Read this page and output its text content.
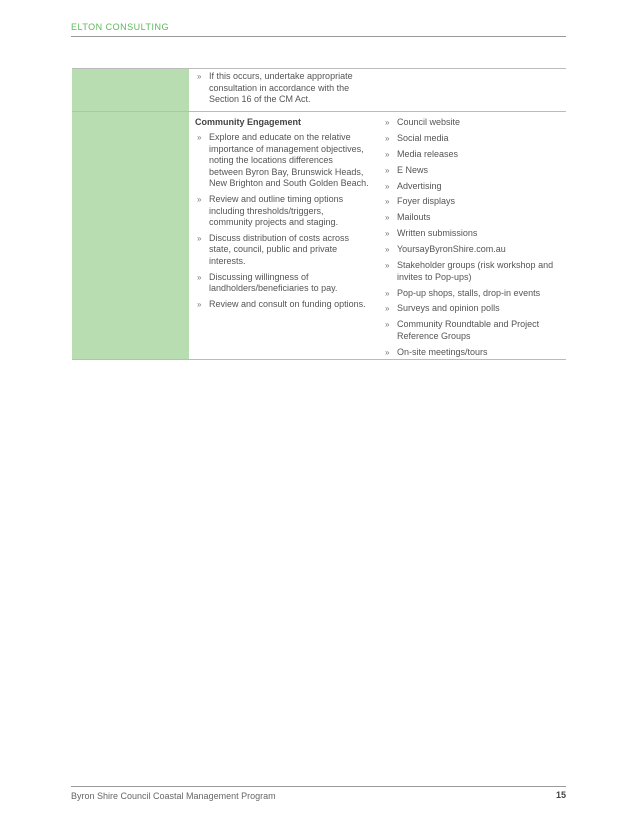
ELTON CONSULTING
» If this occurs, undertake appropriate consultation in accordance with the Section 16 of the CM Act.
Community Engagement
» Explore and educate on the relative importance of management objectives, noting the locations differences between Byron Bay, Brunswick Heads, New Brighton and South Golden Beach.
» Review and outline timing options including thresholds/triggers, community projects and staging.
» Discuss distribution of costs across state, council, public and private interests.
» Discussing willingness of landholders/beneficiaries to pay.
» Review and consult on funding options.
» Council website
» Social media
» Media releases
» E News
» Advertising
» Foyer displays
» Mailouts
» Written submissions
» YoursayByronShire.com.au
» Stakeholder groups (risk workshop and invites to Pop-ups)
» Pop-up shops, stalls, drop-in events
» Surveys and opinion polls
» Community Roundtable and Project Reference Groups
» On-site meetings/tours
Byron Shire Council Coastal Management Program	15
